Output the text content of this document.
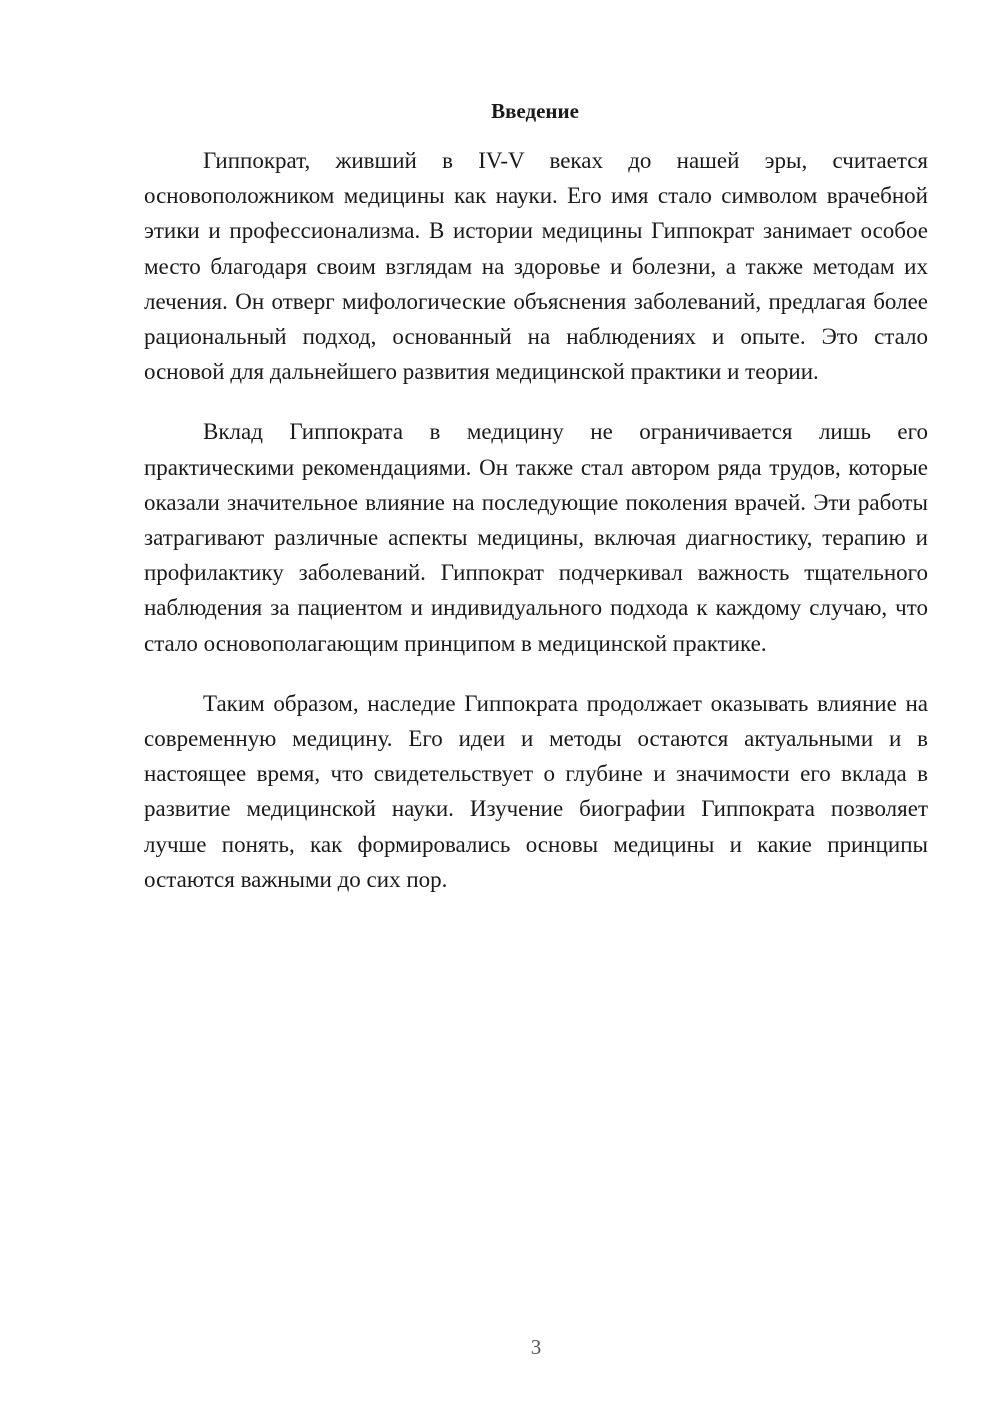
Введение

Гиппократ, живший в IV-V веках до нашей эры, считается основоположником медицины как науки. Его имя стало символом врачебной этики и профессионализма. В истории медицины Гиппократ занимает особое место благодаря своим взглядам на здоровье и болезни, а также методам их лечения. Он отверг мифологические объяснения заболеваний, предлагая более рациональный подход, основанный на наблюдениях и опыте. Это стало основой для дальнейшего развития медицинской практики и теории.

Вклад Гиппократа в медицину не ограничивается лишь его практическими рекомендациями. Он также стал автором ряда трудов, которые оказали значительное влияние на последующие поколения врачей. Эти работы затрагивают различные аспекты медицины, включая диагностику, терапию и профилактику заболеваний. Гиппократ подчеркивал важность тщательного наблюдения за пациентом и индивидуального подхода к каждому случаю, что стало основополагающим принципом в медицинской практике.

Таким образом, наследие Гиппократа продолжает оказывать влияние на современную медицину. Его идеи и методы остаются актуальными и в настоящее время, что свидетельствует о глубине и значимости его вклада в развитие медицинской науки. Изучение биографии Гиппократа позволяет лучше понять, как формировались основы медицины и какие принципы остаются важными до сих пор.

3
